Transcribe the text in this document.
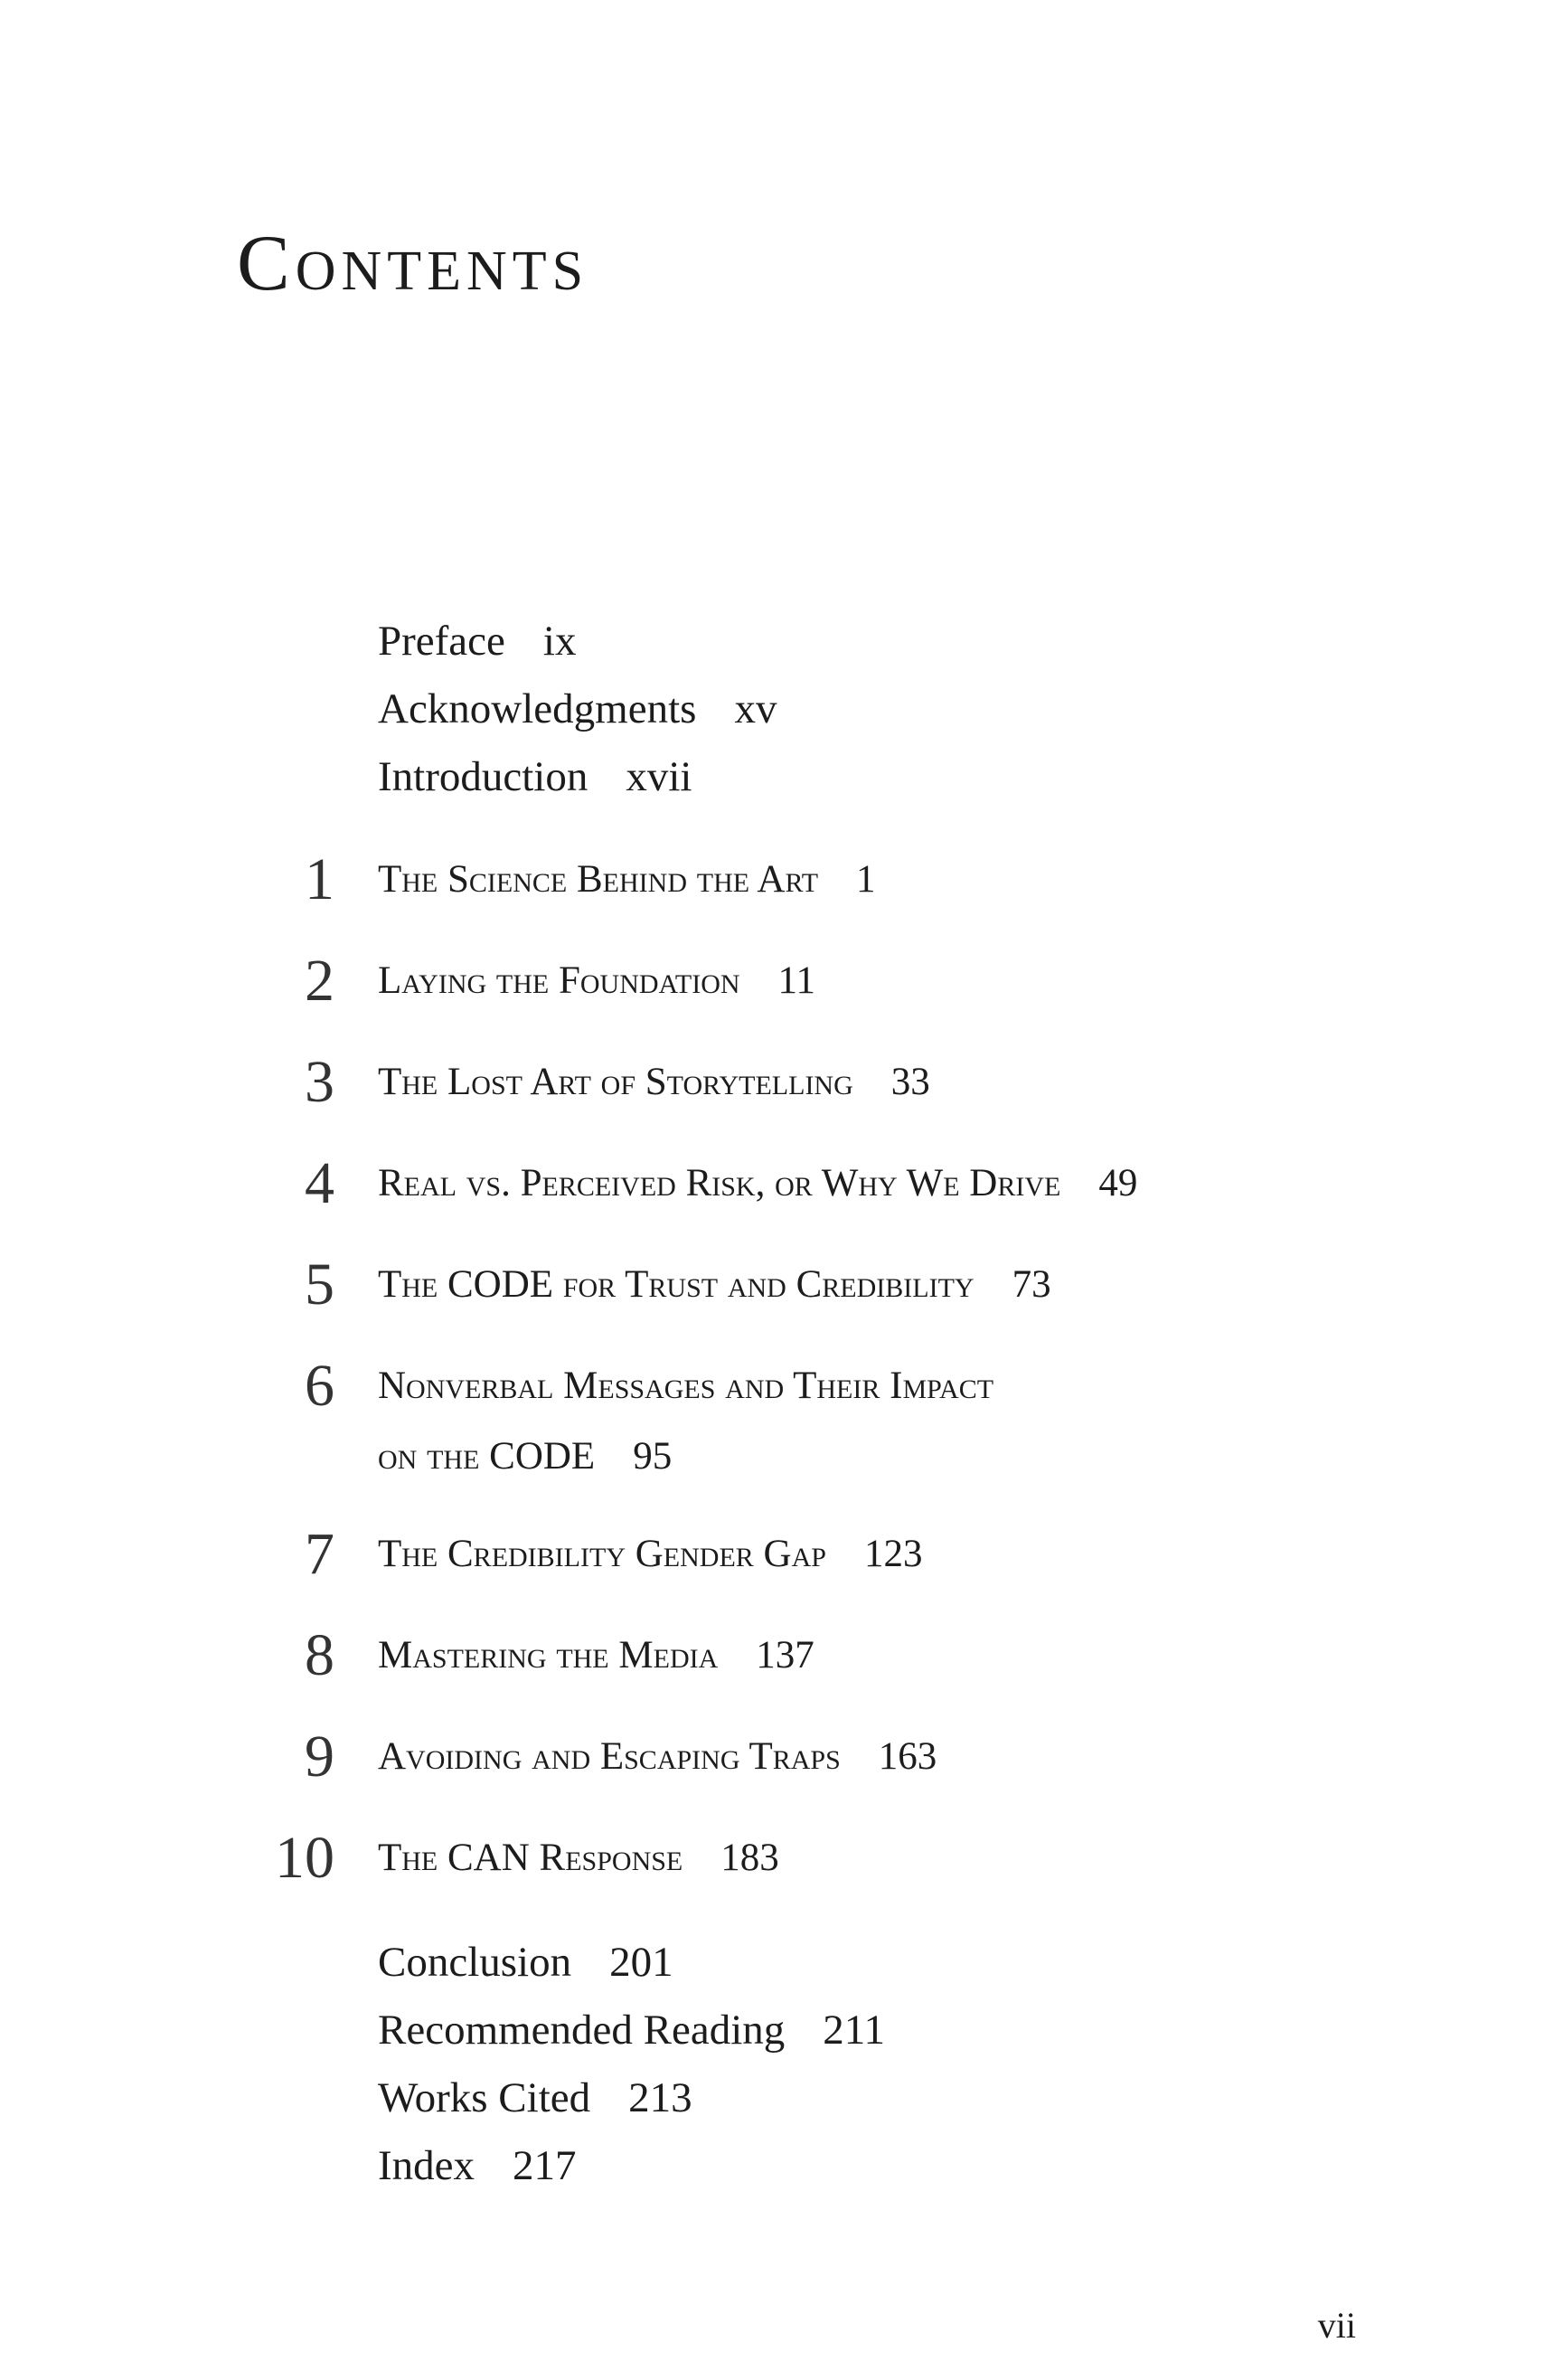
Contents
Preface ix
Acknowledgments xv
Introduction xvii
1 The Science Behind the Art 1
2 Laying the Foundation 11
3 The Lost Art of Storytelling 33
4 Real vs. Perceived Risk, or Why We Drive 49
5 The CODE for Trust and Credibility 73
6 Nonverbal Messages and Their Impact
on the CODE 95
7 The Credibility Gender Gap 123
8 Mastering the Media 137
9 Avoiding and Escaping Traps 163
10 The CAN Response 183
Conclusion 201
Recommended Reading 211
Works Cited 213
Index 217
vii
